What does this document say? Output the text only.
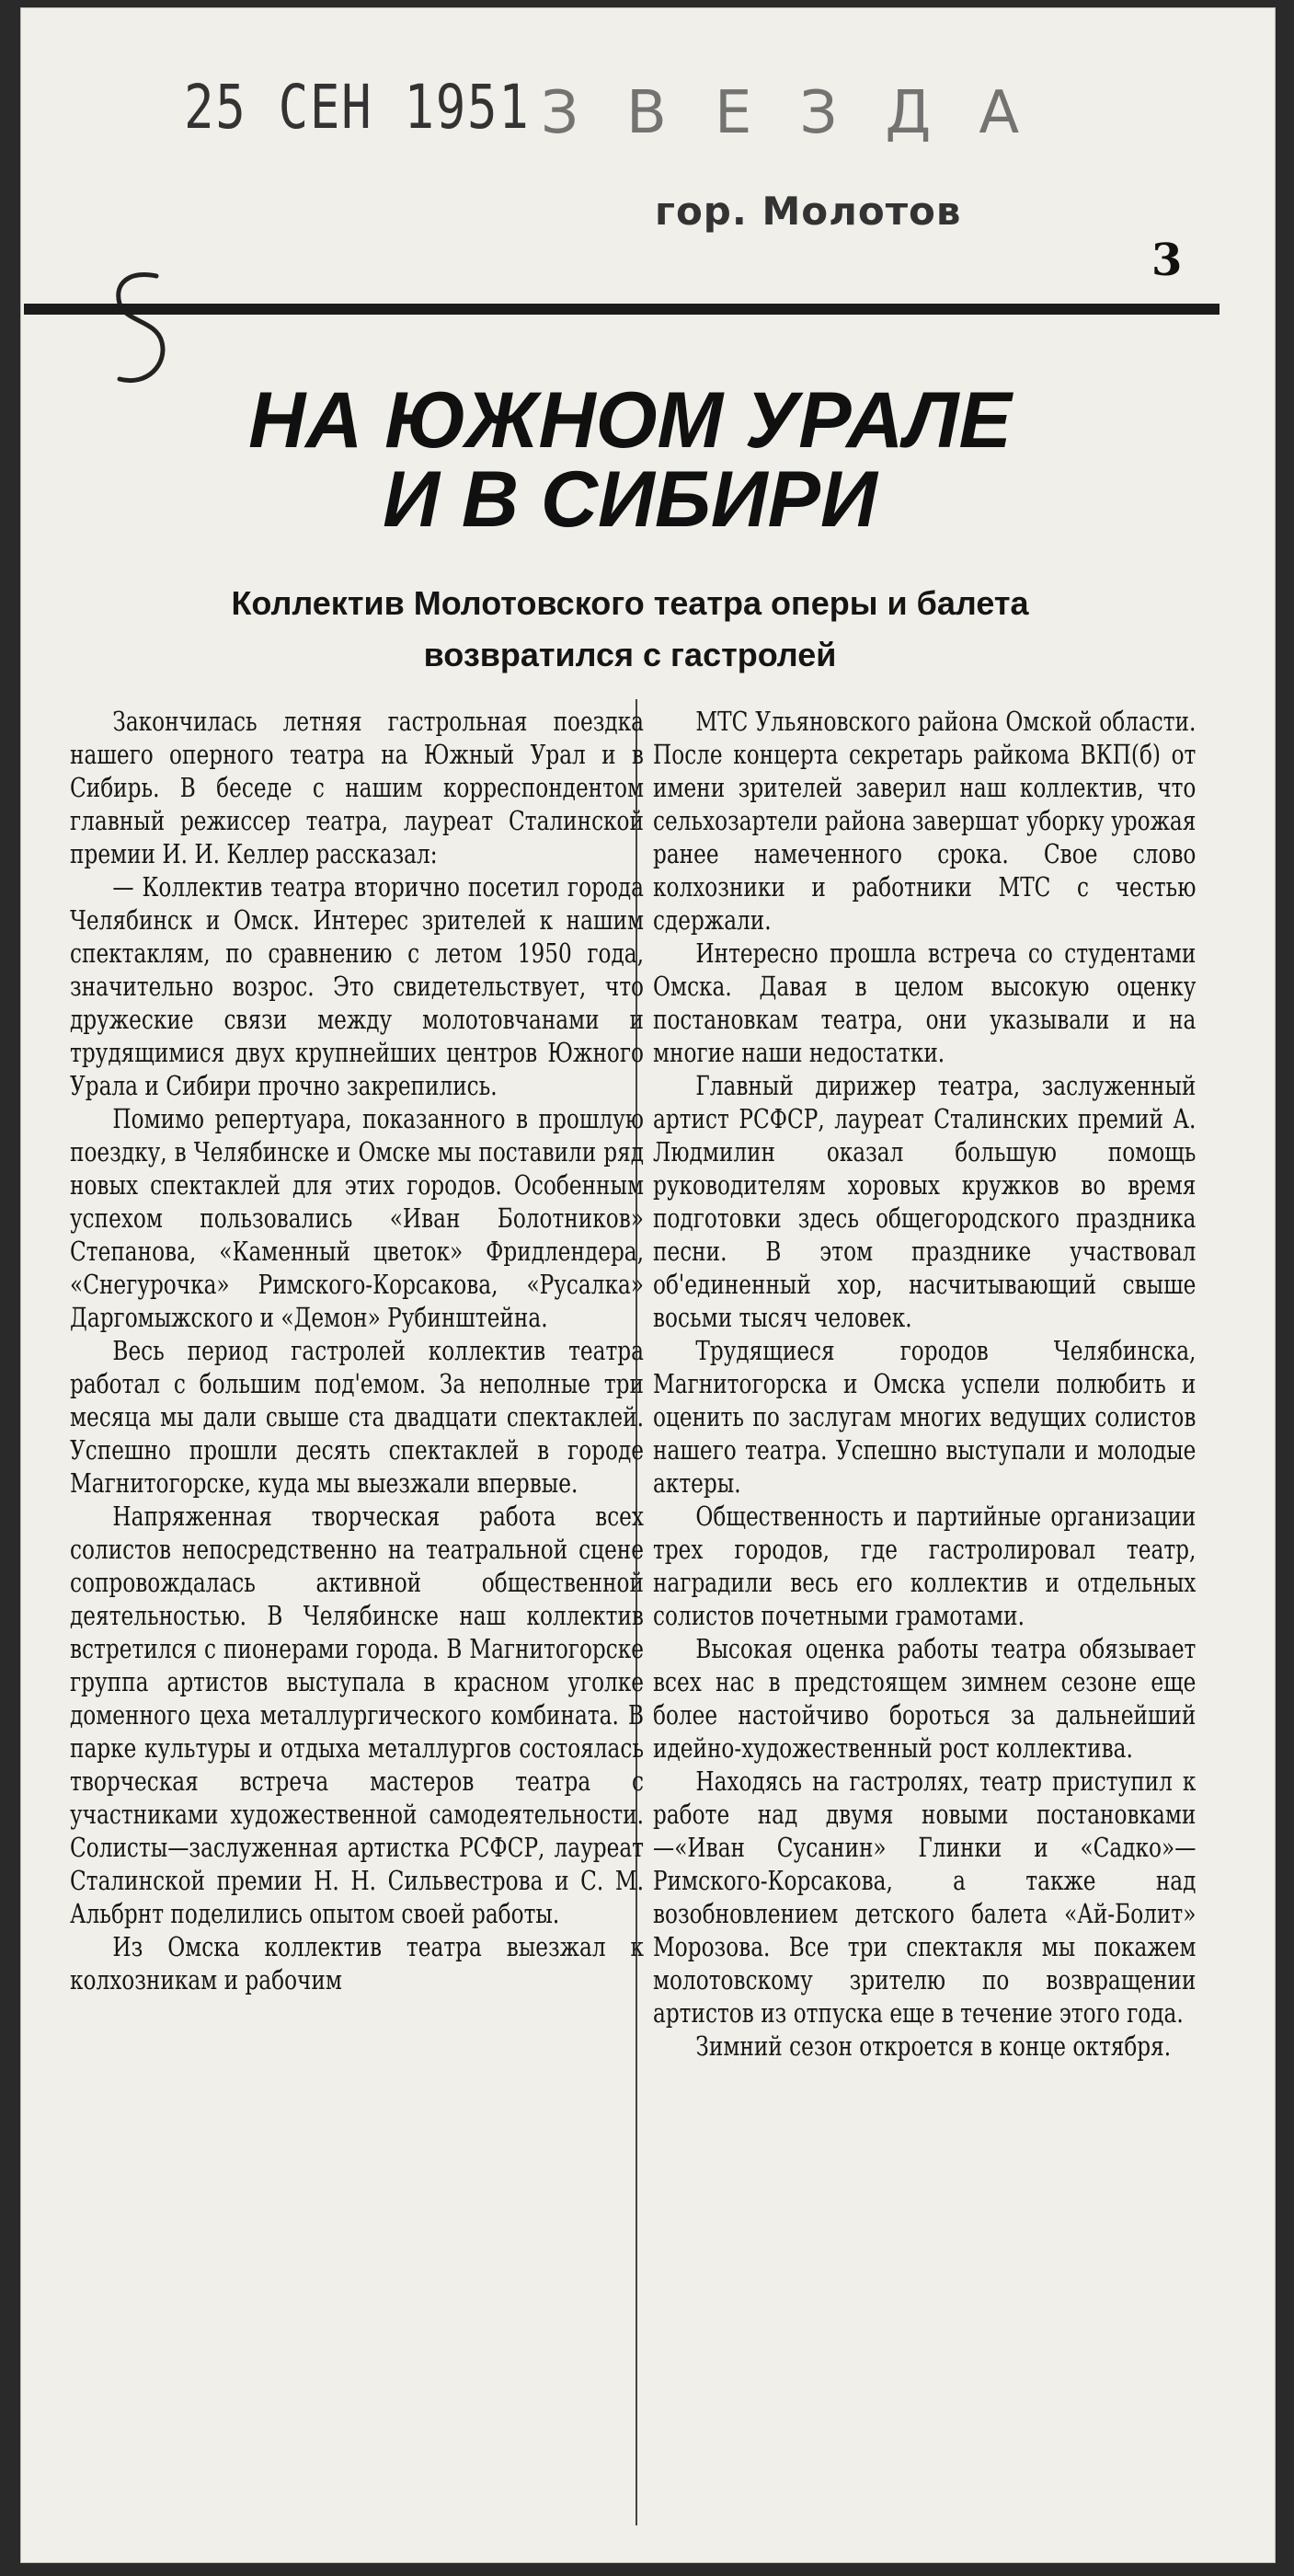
25 СЕН 1951 ЗВЕЗДА
гор. Молотов
3
НА ЮЖНОМ УРАЛЕ
И В СИБИРИ
Коллектив Молотовского театра оперы и балета
возвратился с гастролей

Закончилась летняя гастрольная поездка нашего оперного театра на Южный Урал и в Сибирь. В беседе с нашим корреспондентом главный режиссер театра, лауреат Сталинской премии И. И. Келлер рассказал:

— Коллектив театра вторично посетил города Челябинск и Омск. Интерес зрителей к нашим спектаклям, по сравнению с летом 1950 года, значительно возрос. Это свидетельствует, что дружеские связи между молотовчанами и трудящимися двух крупнейших центров Южного Урала и Сибири прочно закрепились.

Помимо репертуара, показанного в прошлую поездку, в Челябинске и Омске мы поставили ряд новых спектаклей для этих городов. Особенным успехом пользовались «Иван Болотников» Степанова, «Каменный цветок» Фридлендера, «Снегурочка» Римского-Корсакова, «Русалка» Даргомыжского и «Демон» Рубинштейна.

Весь период гастролей коллектив театра работал с большим под'емом. За неполные три месяца мы дали свыше ста двадцати спектаклей. Успешно прошли десять спектаклей в городе Магнитогорске, куда мы выезжали впервые.

Напряженная творческая работа всех солистов непосредственно на театральной сцене сопровождалась активной общественной деятельностью. В Челябинске наш коллектив встретился с пионерами города. В Магнитогорске группа артистов выступала в красном уголке доменного цеха металлургического комбината. В парке культуры и отдыха металлургов состоялась творческая встреча мастеров театра с участниками художественной самодеятельности. Солисты—заслуженная артистка РСФСР, лауреат Сталинской премии Н. Н. Сильвестрова и С. М. Альбрнт поделились опытом своей работы.

Из Омска коллектив театра выезжал к колхозникам и рабочим

МТС Ульяновского района Омской области. После концерта секретарь райкома ВКП(б) от имени зрителей заверил наш коллектив, что сельхозартели района завершат уборку урожая ранее намеченного срока. Свое слово колхозники и работники МТС с честью сдержали.

Интересно прошла встреча со студентами Омска. Давая в целом высокую оценку постановкам театра, они указывали и на многие наши недостатки.

Главный дирижер театра, заслуженный артист РСФСР, лауреат Сталинских премий А. Людмилин оказал большую помощь руководителям хоровых кружков во время подготовки здесь общегородского праздника песни. В этом празднике участвовал об'единенный хор, насчитывающий свыше восьми тысяч человек.

Трудящиеся городов Челябинска, Магнитогорска и Омска успели полюбить и оценить по заслугам многих ведущих солистов нашего театра. Успешно выступали и молодые актеры.

Общественность и партийные организации трех городов, где гастролировал театр, наградили весь его коллектив и отдельных солистов почетными грамотами.

Высокая оценка работы театра обязывает всех нас в предстоящем зимнем сезоне еще более настойчиво бороться за дальнейший идейно-художественный рост коллектива.

Находясь на гастролях, театр приступил к работе над двумя новыми постановками—«Иван Сусанин» Глинки и «Садко»—Римского-Корсакова, а также над возобновлением детского балета «Ай-Болит» Морозова. Все три спектакля мы покажем молотовскому зрителю по возвращении артистов из отпуска еще в течение этого года.

Зимний сезон откроется в конце октября.
